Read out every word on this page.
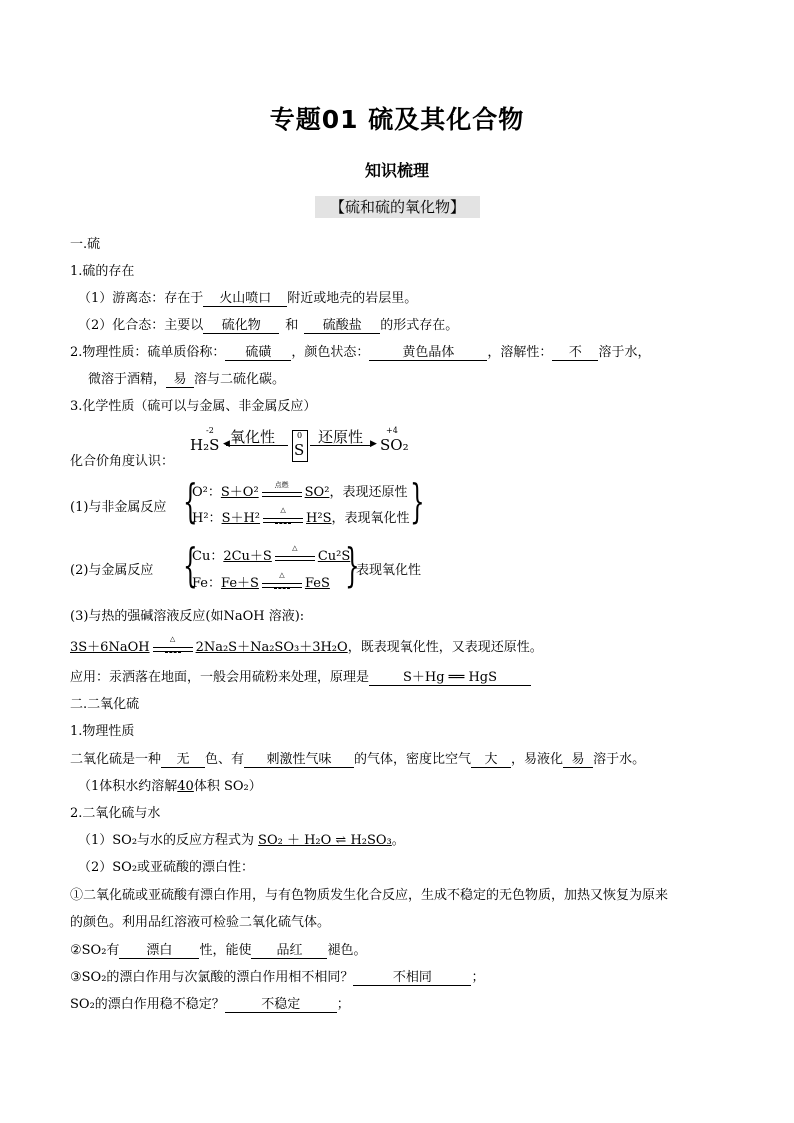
专题01 硫及其化合物
知识梳理
【硫和硫的氧化物】
一.硫
1.硫的存在
（1）游离态：存在于 火山喷口 附近或地壳的岩层里。
（2）化合态：主要以 硫化物 和 硫酸盐 的形式存在。
2.物理性质：硫单质俗称： 硫磺 ，颜色状态：	黄色晶体	，溶解性： 不 溶于水，
微溶于酒精， 易 溶与二硫化碳。
3.化学性质（硫可以与金属、非金属反应）
化合价角度认识：
-2
H₂S 氧化性
◀
0
S
还原性 ▶
+4
SO₂
(1)与非金属反应 {
O²：S＋O²
点燃
SO²，表现还原性
H²：S＋H²
△
H²S，表现氧化性 }
(2)与金属反应 {
Cu：2Cu＋S
△
Cu²S
Fe：Fe＋S
△
FeS }
表现氧化性
(3)与热的强碱溶液反应(如NaOH 溶液):
3S＋6NaOH
△
2Na₂S＋Na₂SO₃＋3H₂O，既表现氧化性，又表现还原性。
应用：汞洒落在地面，一般会用硫粉来处理，原理是	S＋Hg ══ HgS
二.二氧化硫
1.物理性质
二氧化硫是一种 无 色、有 刺激性气味 的气体，密度比空气 大 ，易液化 易 溶于水。
（1体积水约溶解40体积 SO₂）
2.二氧化硫与水
（1）SO₂与水的反应方程式为 SO₂ ＋ H₂O ⇌ H₂SO₃。
（2）SO₂或亚硫酸的漂白性：
①二氧化硫或亚硫酸有漂白作用，与有色物质发生化合反应，生成不稳定的无色物质，加热又恢复为原来
的颜色。利用品红溶液可检验二氧化硫气体。
②SO₂有 漂白 性，能使 品红 褪色。
③SO₂的漂白作用与次氯酸的漂白作用相不相同？	不相同	；
SO₂的漂白作用稳不稳定？	不稳定	；
